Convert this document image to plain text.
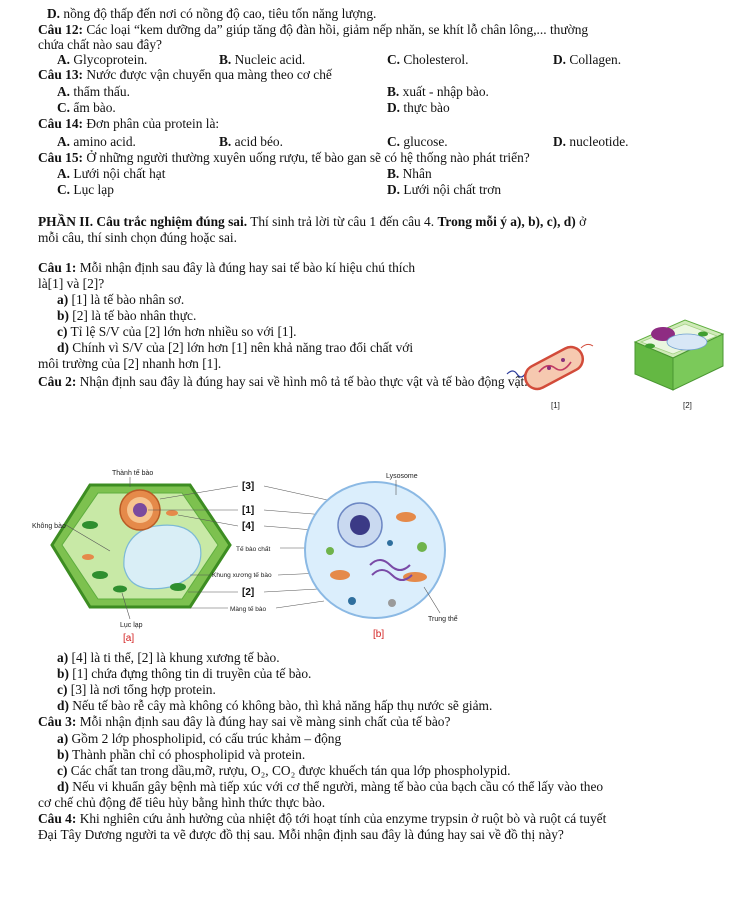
D. nồng độ thấp đến nơi có nồng độ cao, tiêu tốn năng lượng.
Câu 12: Các loại “kem dưỡng da” giúp tăng độ đàn hồi, giảm nếp nhăn, se khít lỗ chân lông,... thường
chứa chất nào sau đây?
A. Glycoprotein.	B. Nucleic acid.	C. Cholesterol.	D. Collagen.
Câu 13: Nước được vận chuyển qua màng theo cơ chế
A. thẩm thấu.	B. xuất - nhập bào.
C. ẩm bào.	D. thực bào
Câu 14: Đơn phân của protein là:
A. amino acid.	B. acid béo.	C. glucose.	D. nucleotide.
Câu 15: Ở những người thường xuyên uống rượu, tế bào gan sẽ có hệ thống nào phát triển?
A. Lưới nội chất hạt	B. Nhân
C. Lục lạp	D. Lưới nội chất trơn
PHẦN II. Câu trắc nghiệm đúng sai. Thí sinh trả lời từ câu 1 đến câu 4. Trong mỗi ý a), b), c), d) ở
mỗi câu, thí sinh chọn đúng hoặc sai.
Câu 1: Mỗi nhận định sau đây là đúng hay sai tế bào kí hiệu chú thích
là[1] và [2]?
a) [1] là tế bào nhân sơ.
b) [2] là tế bào nhân thực.
c) Tỉ lệ S/V của [2] lớn hơn nhiều so với [1].
d) Chính vì S/V của [2] lớn hơn [1] nên khả năng trao đổi chất với
môi trường của [2] nhanh hơn [1].
[1]	[2]
Câu 2: Nhận định sau đây là đúng hay sai về hình mô tả tế bào thực vật và tế bào động vật.
Thành tế bào
Không bào
Lục lạp
[a]
[3]
[1]
[4]
Tế bào chất
Khung xương tế bào
[2]
Màng tế bào
Lysosome
Trung thể
[b]
a) [4] là ti thể, [2] là khung xương tế bào.
b) [1] chứa đựng thông tin di truyền của tế bào.
c) [3] là nơi tổng hợp protein.
d) Nếu tế bào rễ cây mà không có không bào, thì khả năng hấp thụ nước sẽ giảm.
Câu 3: Mỗi nhận định sau đây là đúng hay sai về màng sinh chất của tế bào?
a) Gồm 2 lớp phospholipid, có cấu trúc khảm – động
b) Thành phần chỉ có phospholipid và protein.
c) Các chất tan trong dầu,mỡ, rượu, O₂, CO₂ được khuếch tán qua lớp phospholypid.
d) Nếu vi khuẩn gây bệnh mà tiếp xúc với cơ thể người, màng tế bào của bạch cầu có thể lấy vào theo
cơ chế chủ động để tiêu hủy bằng hình thức thực bào.
Câu 4: Khi nghiên cứu ảnh hưởng của nhiệt độ tới hoạt tính của enzyme trypsin ở ruột bò và ruột cá tuyết
Đại Tây Dương người ta vẽ được đồ thị sau. Mỗi nhận định sau đây là đúng hay sai về đồ thị này?
